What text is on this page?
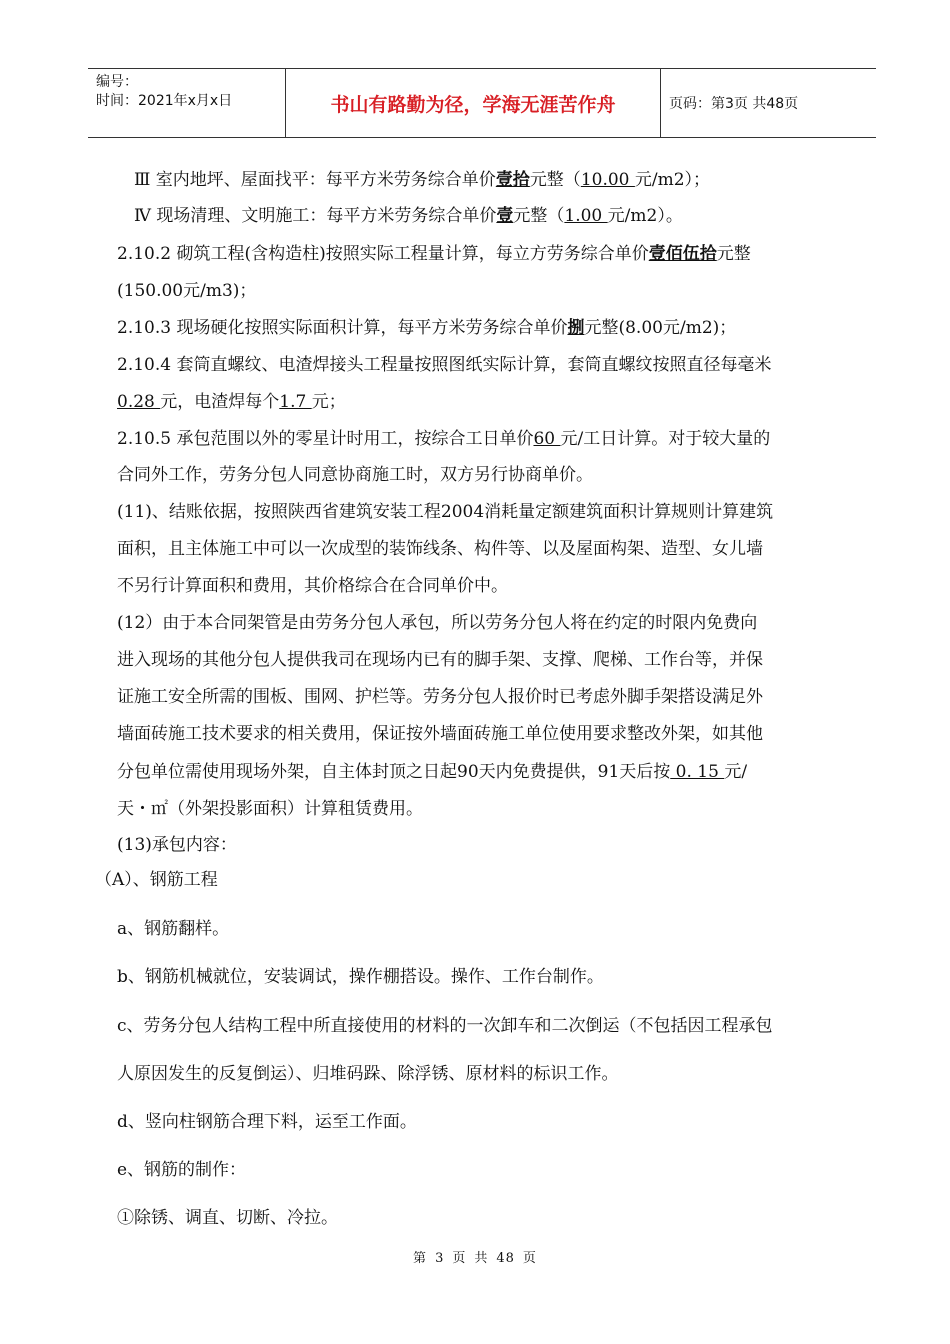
编号：
时间：2021年x月x日	书山有路勤为径，学海无涯苦作舟	页码：第3页 共48页
Ⅲ 室内地坪、屋面找平：每平方米劳务综合单价壹拾元整（10.00 元/m2）；
Ⅳ 现场清理、文明施工：每平方米劳务综合单价壹元整（1.00 元/m2）。
2.10.2 砌筑工程(含构造柱)按照实际工程量计算，每立方劳务综合单价壹佰伍拾元整
(150.00元/m3)；
2.10.3 现场硬化按照实际面积计算，每平方米劳务综合单价捌元整(8.00元/m2)；
2.10.4 套筒直螺纹、电渣焊接头工程量按照图纸实际计算，套筒直螺纹按照直径每毫米
0.28 元，电渣焊每个1.7 元；
2.10.5 承包范围以外的零星计时用工，按综合工日单价60 元/工日计算。对于较大量的
合同外工作，劳务分包人同意协商施工时，双方另行协商单价。
(11)、结账依据，按照陕西省建筑安装工程2004消耗量定额建筑面积计算规则计算建筑
面积，且主体施工中可以一次成型的装饰线条、构件等、以及屋面构架、造型、女儿墙
不另行计算面积和费用，其价格综合在合同单价中。
(12）由于本合同架管是由劳务分包人承包，所以劳务分包人将在约定的时限内免费向
进入现场的其他分包人提供我司在现场内已有的脚手架、支撑、爬梯、工作台等，并保
证施工安全所需的围板、围网、护栏等。劳务分包人报价时已考虑外脚手架搭设满足外
墙面砖施工技术要求的相关费用，保证按外墙面砖施工单位使用要求整改外架，如其他
分包单位需使用现场外架，自主体封顶之日起90天内免费提供，91天后按 0. 15 元/
天・㎡（外架投影面积）计算租赁费用。
(13)承包内容：
（A）、钢筋工程
a、钢筋翻样。
b、钢筋机械就位，安装调试，操作棚搭设。操作、工作台制作。
c、劳务分包人结构工程中所直接使用的材料的一次卸车和二次倒运（不包括因工程承包
人原因发生的反复倒运）、归堆码跺、除浮锈、原材料的标识工作。
d、竖向柱钢筋合理下料，运至工作面。
e、钢筋的制作：
①除锈、调直、切断、冷拉。
第 3 页 共 48 页
